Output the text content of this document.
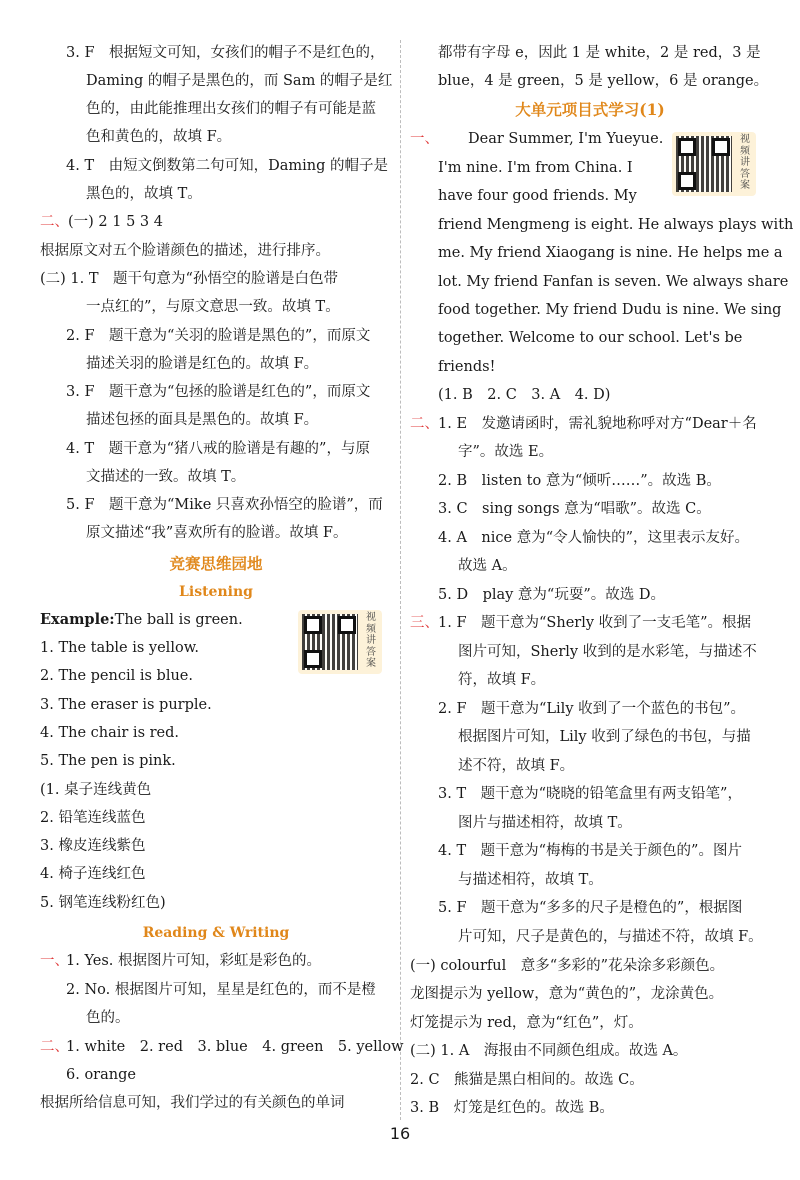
3. F　根据短文可知，女孩们的帽子不是红色的，
Daming 的帽子是黑色的，而 Sam 的帽子是红
色的，由此能推理出女孩们的帽子有可能是蓝
色和黄色的，故填 F。
4. T　由短文倒数第二句可知，Daming 的帽子是
黑色的，故填 T。
二、 (一) 2 1 5 3 4
根据原文对五个脸谱颜色的描述，进行排序。
(二) 1. T　题干句意为“孙悟空的脸谱是白色带
一点红的”，与原文意思一致。故填 T。
2. F　题干意为“关羽的脸谱是黑色的”，而原文
描述关羽的脸谱是红色的。故填 F。
3. F　题干意为“包拯的脸谱是红色的”，而原文
描述包拯的面具是黑色的。故填 F。
4. T　题干意为“猪八戒的脸谱是有趣的”，与原
文描述的一致。故填 T。
5. F　题干意为“Mike 只喜欢孙悟空的脸谱”，而
原文描述“我”喜欢所有的脸谱。故填 F。
竞赛思维园地
Listening
Example:The ball is green.	视频讲答案
1. The table is yellow.
2. The pencil is blue.
3. The eraser is purple.
4. The chair is red.
5. The pen is pink.
(1. 桌子连线黄色
2. 铅笔连线蓝色
3. 橡皮连线紫色
4. 椅子连线红色
5. 钢笔连线粉红色)
Reading & Writing
一、
1. Yes. 根据图片可知，彩虹是彩色的。
2. No. 根据图片可知，星星是红色的，而不是橙
色的。
二、
1. white　2. red　3. blue　4. green　5. yellow
6. orange
根据所给信息可知，我们学过的有关颜色的单词
都带有字母 e，因此 1 是 white，2 是 red，3 是
blue，4 是 green，5 是 yellow，6 是 orange。
大单元项目式学习(1)
一、 Dear Summer, I'm Yueyue.	视频讲答案
I'm nine. I'm from China. I
have four good friends. My
friend Mengmeng is eight. He always plays with
me. My friend Xiaogang is nine. He helps me a
lot. My friend Fanfan is seven. We always share
food together. My friend Dudu is nine. We sing
together. Welcome to our school. Let's be
friends!
(1. B　2. C　3. A　4. D)
二、 1. E　发邀请函时，需礼貌地称呼对方“Dear＋名
字”。故选 E。
2. B　listen to 意为“倾听……”。故选 B。
3. C　sing songs 意为“唱歌”。故选 C。
4. A　nice 意为“令人愉快的”，这里表示友好。
故选 A。
5. D　play 意为“玩耍”。故选 D。
三、 1. F　题干意为“Sherly 收到了一支毛笔”。根据
图片可知，Sherly 收到的是水彩笔，与描述不
符，故填 F。
2. F　题干意为“Lily 收到了一个蓝色的书包”。
根据图片可知，Lily 收到了绿色的书包，与描
述不符，故填 F。
3. T　题干意为“晓晓的铅笔盒里有两支铅笔”，
图片与描述相符，故填 T。
4. T　题干意为“梅梅的书是关于颜色的”。图片
与描述相符，故填 T。
5. F　题干意为“多多的尺子是橙色的”，根据图
片可知，尺子是黄色的，与描述不符，故填 F。
(一) colourful　意多“多彩的”花朵涂多彩颜色。
龙图提示为 yellow，意为“黄色的”，龙涂黄色。
灯笼提示为 red，意为“红色”，灯。
(二) 1. A　海报由不同颜色组成。故选 A。
2. C　熊猫是黑白相间的。故选 C。
3. B　灯笼是红色的。故选 B。
16
